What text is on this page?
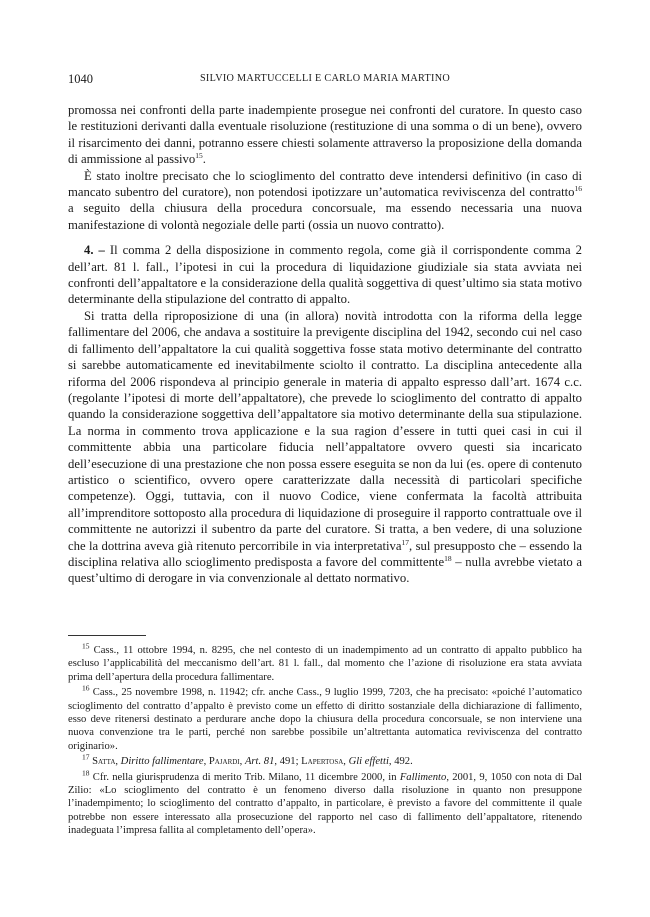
1040	SILVIO MARTUCCELLI E CARLO MARIA MARTINO

promossa nei confronti della parte inadempiente prosegue nei confronti del curatore. In questo caso le restituzioni derivanti dalla eventuale risoluzione (restituzione di una somma o di un bene), ovvero il risarcimento dei danni, potranno essere chiesti solamente attraverso la proposizione della domanda di ammissione al passivo$^{15}$.

È stato inoltre precisato che lo scioglimento del contratto deve intendersi definitivo (in caso di mancato subentro del curatore), non potendosi ipotizzare un’automatica reviviscenza del contratto$^{16}$ a seguito della chiusura della procedura concorsuale, ma essendo necessaria una nuova manifestazione di volontà negoziale delle parti (ossia un nuovo contratto).

4. – Il comma 2 della disposizione in commento regola, come già il corrispondente comma 2 dell’art. 81 l. fall., l’ipotesi in cui la procedura di liquidazione giudiziale sia stata avviata nei confronti dell’appaltatore e la considerazione della qualità soggettiva di quest’ultimo sia stata motivo determinante della stipulazione del contratto di appalto.

Si tratta della riproposizione di una (in allora) novità introdotta con la riforma della legge fallimentare del 2006, che andava a sostituire la previgente disciplina del 1942, secondo cui nel caso di fallimento dell’appaltatore la cui qualità soggettiva fosse stata motivo determinante del contratto si sarebbe automaticamente ed inevitabilmente sciolto il contratto. La disciplina antecedente alla riforma del 2006 rispondeva al principio generale in materia di appalto espresso dall’art. 1674 c.c. (regolante l’ipotesi di morte dell’appaltatore), che prevede lo scioglimento del contratto di appalto quando la considerazione soggettiva dell’appaltatore sia motivo determinante della sua stipulazione. La norma in commento trova applicazione e la sua ragion d’essere in tutti quei casi in cui il committente abbia una particolare fiducia nell’appaltatore ovvero questi sia incaricato dell’esecuzione di una prestazione che non possa essere eseguita se non da lui (es. opere di contenuto artistico o scientifico, ovvero opere caratterizzate dalla necessità di particolari specifiche competenze). Oggi, tuttavia, con il nuovo Codice, viene confermata la facoltà attribuita all’imprenditore sottoposto alla procedura di liquidazione di proseguire il rapporto contrattuale ove il committente ne autorizzi il subentro da parte del curatore. Si tratta, a ben vedere, di una soluzione che la dottrina aveva già ritenuto percorribile in via interpretativa$^{17}$, sul presupposto che – essendo la disciplina relativa allo scioglimento predisposta a favore del committente$^{18}$ – nulla avrebbe vietato a quest’ultimo di derogare in via convenzionale al dettato normativo.

$^{15}$ Cass., 11 ottobre 1994, n. 8295, che nel contesto di un inadempimento ad un contratto di appalto pubblico ha escluso l’applicabilità del meccanismo dell’art. 81 l. fall., dal momento che l’azione di risoluzione era stata avviata prima dell’apertura della procedura fallimentare.

$^{16}$ Cass., 25 novembre 1998, n. 11942; cfr. anche Cass., 9 luglio 1999, 7203, che ha precisato: «poiché l’automatico scioglimento del contratto d’appalto è previsto come un effetto di diritto sostanziale della dichiarazione di fallimento, esso deve ritenersi destinato a perdurare anche dopo la chiusura della procedura concorsuale, se non interviene una nuova convenzione tra le parti, perché non sarebbe possibile un’altrettanta automatica reviviscenza del contratto originario».

$^{17}$ Satta, Diritto fallimentare, Pajardi, Art. 81, 491; Lapertosa, Gli effetti, 492.

$^{18}$ Cfr. nella giurisprudenza di merito Trib. Milano, 11 dicembre 2000, in Fallimento, 2001, 9, 1050 con nota di Dal Zilio: «Lo scioglimento del contratto è un fenomeno diverso dalla risoluzione in quanto non presuppone l’inadempimento; lo scioglimento del contratto d’appalto, in particolare, è previsto a favore del committente il quale potrebbe non essere interessato alla prosecuzione del rapporto nel caso di fallimento dell’appaltatore, ritenendo inadeguata l’impresa fallita al completamento dell’opera».
